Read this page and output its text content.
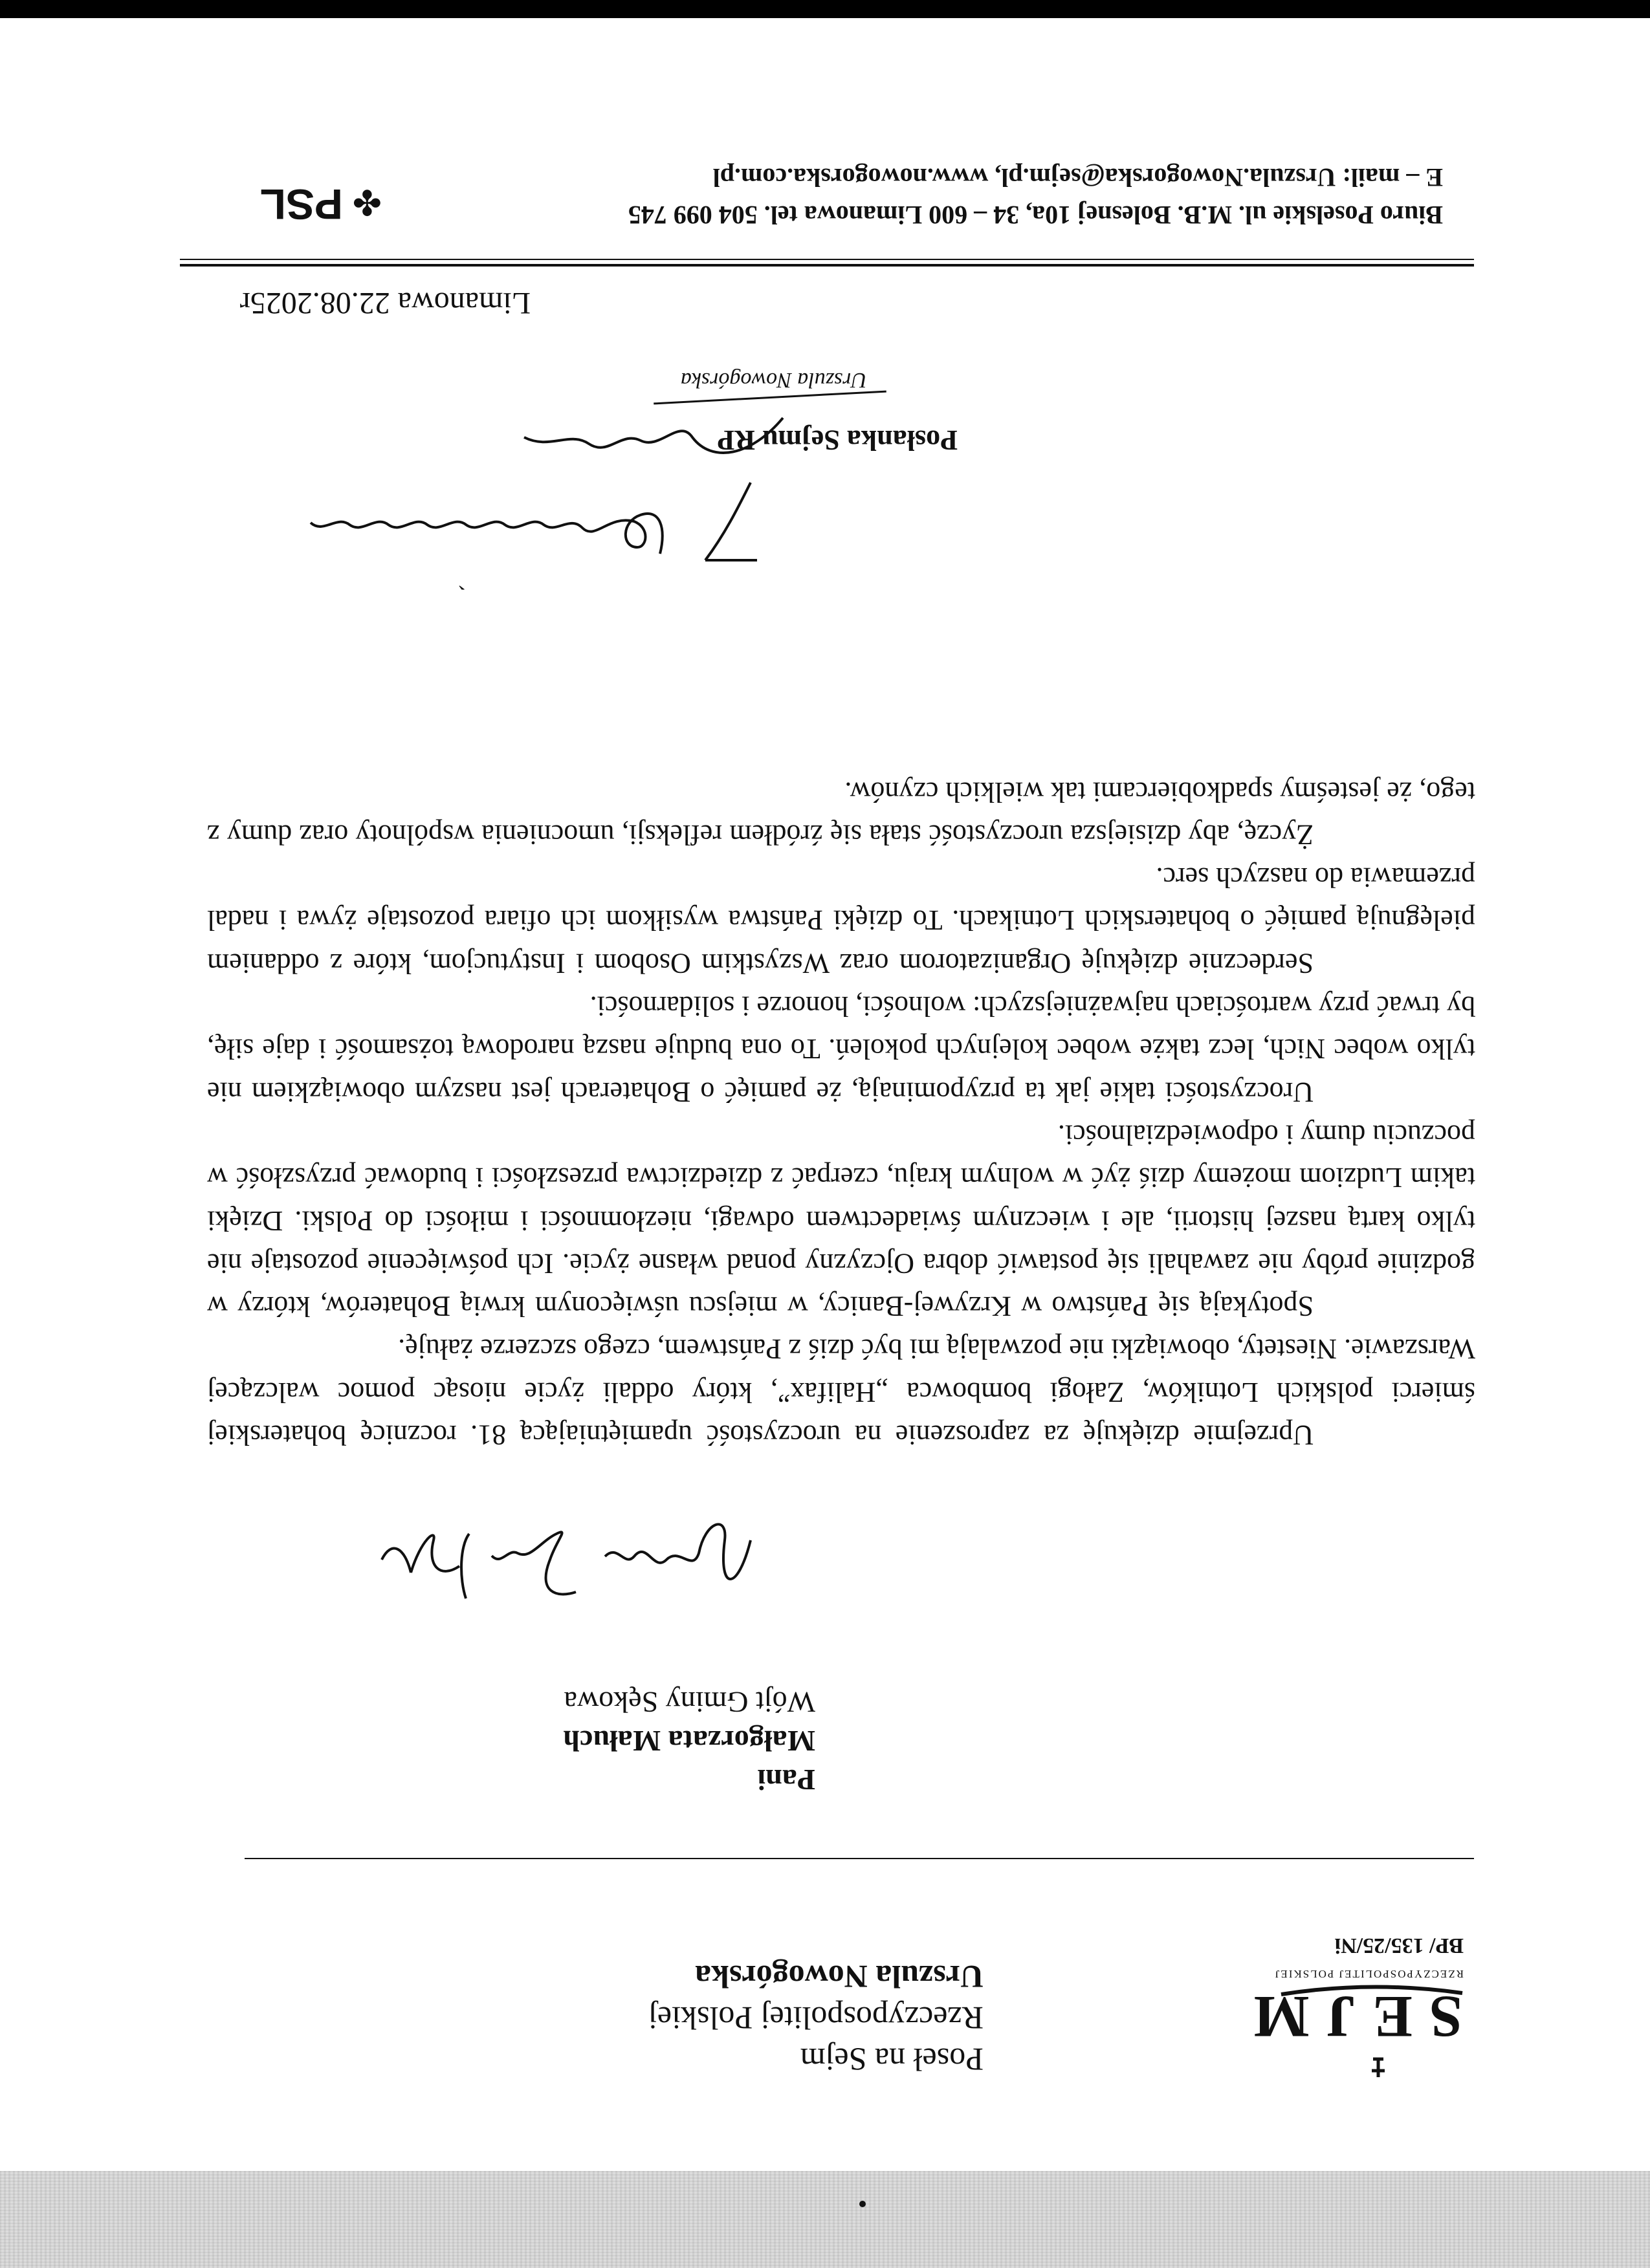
Poseł na Sejm
Rzeczypospolitej Polskiej
Urszula Nowogórska
SEJM
RZECZYPOSPOLITEJ POLSKIEJ
BP/ 135/25/Ni
Pani
Małgorzata Małuch
Wójt Gminy Sękowa

Uprzejmie dziękuję za zaproszenie na uroczystość upamiętniającą 81. rocznicę bohaterskiej śmierci polskich Lotników, Załogi bombowca „Halifax”, który oddali życie niosąc pomoc walczącej Warszawie. Niestety, obowiązki nie pozwalają mi być dziś z Państwem, czego szczerze żałuję.

Spotykają się Państwo w Krzywej-Banicy, w miejscu uświęconym krwią Bohaterów, którzy w godzinie próby nie zawahali się postawić dobra Ojczyzny ponad własne życie. Ich poświęcenie pozostaje nie tylko kartą naszej historii, ale i wiecznym świadectwem odwagi, niezłomności i miłości do Polski. Dzięki takim Ludziom możemy dziś żyć w wolnym kraju, czerpać z dziedzictwa przeszłości i budować przyszłość w poczuciu dumy i odpowiedzialności.

Uroczystości takie jak ta przypominają, że pamięć o Bohaterach jest naszym obowiązkiem nie tylko wobec Nich, lecz także wobec kolejnych pokoleń. To ona buduje naszą narodową tożsamość i daje siłę, by trwać przy wartościach najważniejszych: wolności, honorze i solidarności.

Serdecznie dziękuję Organizatorom oraz Wszystkim Osobom i Instytucjom, które z oddaniem pielęgnują pamięć o bohaterskich Lotnikach. To dzięki Państwa wysiłkom ich ofiara pozostaje żywa i nadal przemawia do naszych serc.

Życzę, aby dzisiejsza uroczystość stała się źródłem refleksji, umocnienia wspólnoty oraz dumy z tego, że jesteśmy spadkobiercami tak wielkich czynów.

ˏ
Posłanka Sejmu RP
Urszula Nowogórska
Limanowa 22.08.2025r
Biuro Poselskie ul. M.B. Bolesnej 10a, 34 – 600 Limanowa tel. 504 099 745
E – mail: Urszula.Nowogorska@sejm.pl, www.nowogorska.com.pl
✤
PSL
